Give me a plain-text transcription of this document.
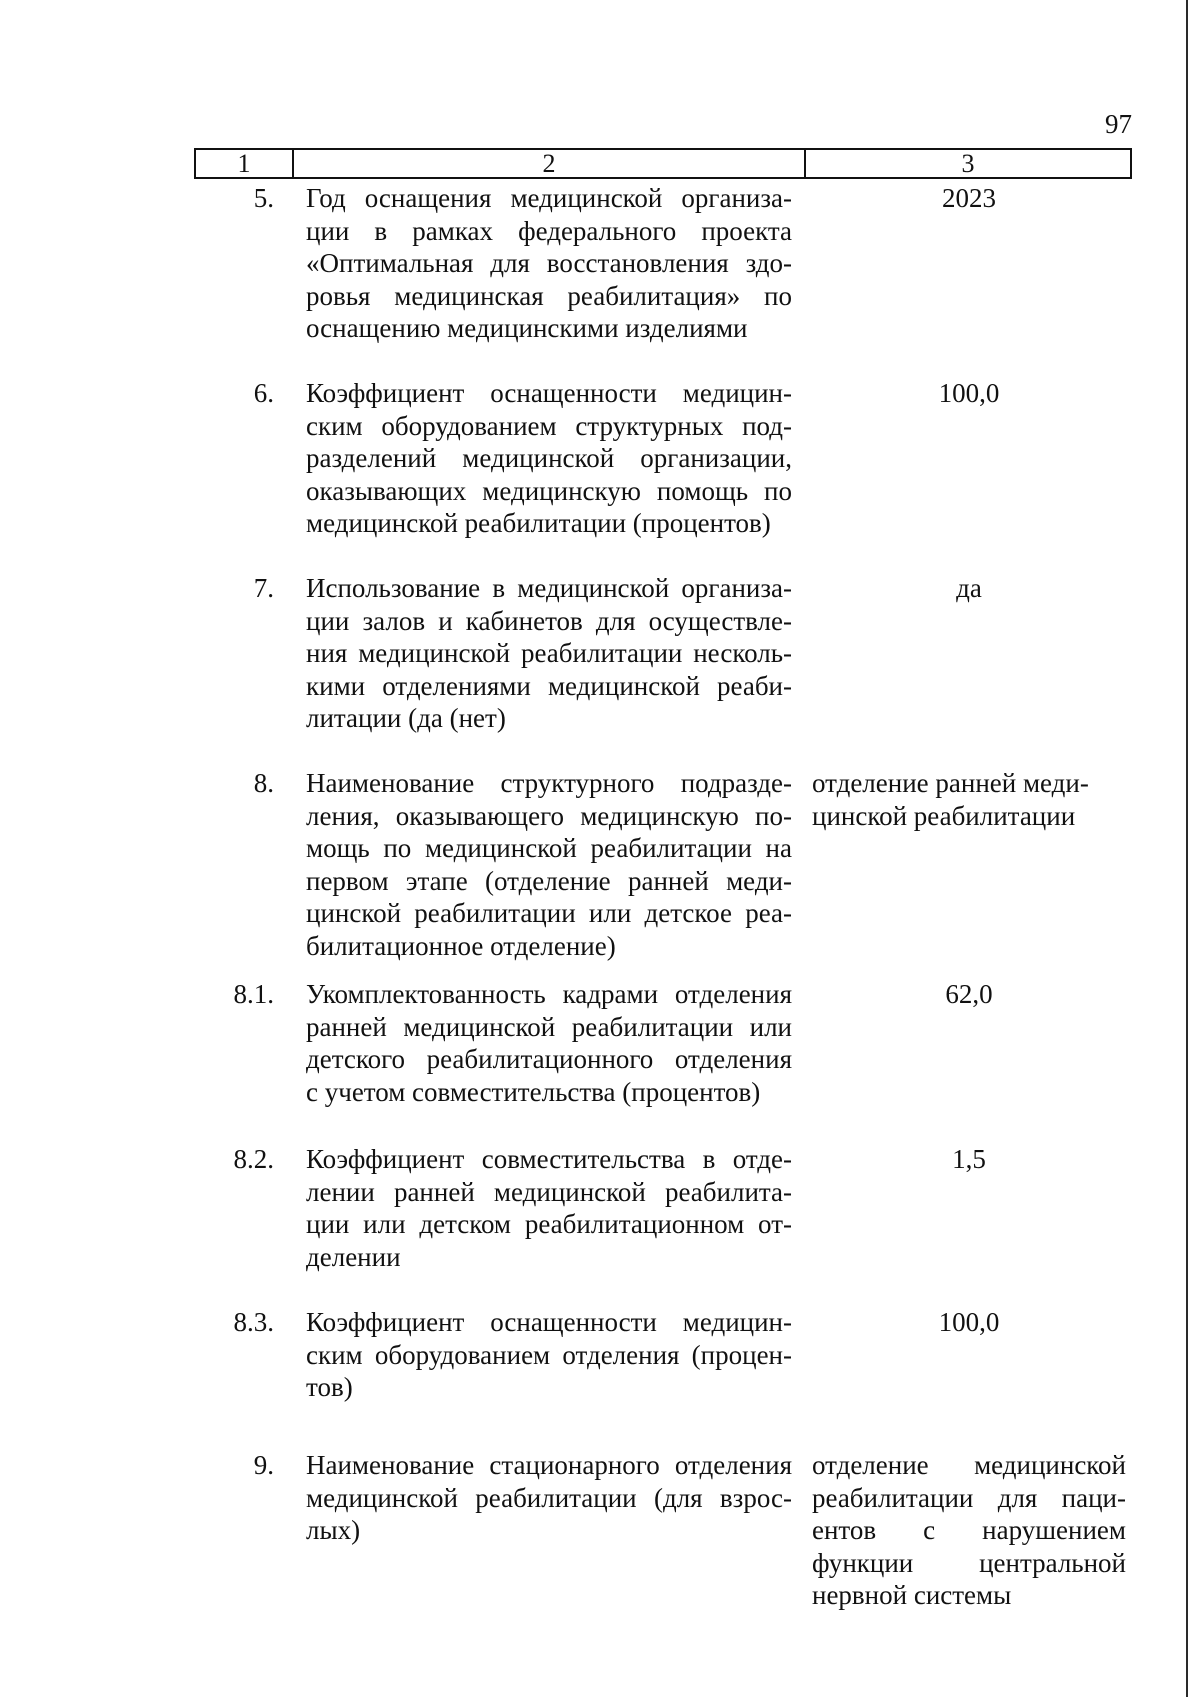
97
1	2	3
5. Год оснащения медицинской организа-
ции в рамках федерального проекта
«Оптимальная для восстановления здо-
ровья медицинская реабилитация» по
оснащению медицинскими изделиями
2023
6. Коэффициент оснащенности медицин-
ским оборудованием структурных под-
разделений медицинской организации,
оказывающих медицинскую помощь по
медицинской реабилитации (процентов)
100,0
7. Использование в медицинской организа-
ции залов и кабинетов для осуществле-
ния медицинской реабилитации несколь-
кими отделениями медицинской реаби-
литации (да (нет)
да
8. Наименование структурного подразде-
ления, оказывающего медицинскую по-
мощь по медицинской реабилитации на
первом этапе (отделение ранней меди-
цинской реабилитации или детское реа-
билитационное отделение)
отделение ранней меди-
цинской реабилитации
8.1. Укомплектованность кадрами отделения
ранней медицинской реабилитации или
детского реабилитационного отделения
с учетом совместительства (процентов)
62,0
8.2. Коэффициент совместительства в отде-
лении ранней медицинской реабилита-
ции или детском реабилитационном от-
делении
1,5
8.3. Коэффициент оснащенности медицин-
ским оборудованием отделения (процен-
тов)
100,0
9. Наименование стационарного отделения
медицинской реабилитации (для взрос-
лых)
отделение медицинской
реабилитации для паци-
ентов с нарушением
функции центральной
нервной системы
